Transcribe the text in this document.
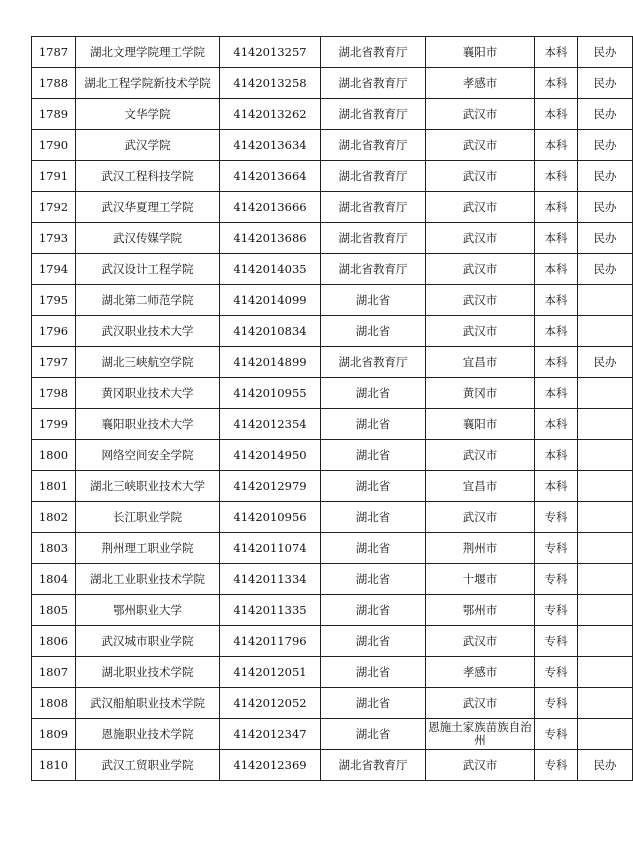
1787	湖北文理学院理工学院	4142013257	湖北省教育厅	襄阳市	本科	民办
1788	湖北工程学院新技术学院	4142013258	湖北省教育厅	孝感市	本科	民办
1789	文华学院	4142013262	湖北省教育厅	武汉市	本科	民办
1790	武汉学院	4142013634	湖北省教育厅	武汉市	本科	民办
1791	武汉工程科技学院	4142013664	湖北省教育厅	武汉市	本科	民办
1792	武汉华夏理工学院	4142013666	湖北省教育厅	武汉市	本科	民办
1793	武汉传媒学院	4142013686	湖北省教育厅	武汉市	本科	民办
1794	武汉设计工程学院	4142014035	湖北省教育厅	武汉市	本科	民办
1795	湖北第二师范学院	4142014099	湖北省	武汉市	本科	
1796	武汉职业技术大学	4142010834	湖北省	武汉市	本科	
1797	湖北三峡航空学院	4142014899	湖北省教育厅	宜昌市	本科	民办
1798	黄冈职业技术大学	4142010955	湖北省	黄冈市	本科	
1799	襄阳职业技术大学	4142012354	湖北省	襄阳市	本科	
1800	网络空间安全学院	4142014950	湖北省	武汉市	本科	
1801	湖北三峡职业技术大学	4142012979	湖北省	宜昌市	本科	
1802	长江职业学院	4142010956	湖北省	武汉市	专科	
1803	荆州理工职业学院	4142011074	湖北省	荆州市	专科	
1804	湖北工业职业技术学院	4142011334	湖北省	十堰市	专科	
1805	鄂州职业大学	4142011335	湖北省	鄂州市	专科	
1806	武汉城市职业学院	4142011796	湖北省	武汉市	专科	
1807	湖北职业技术学院	4142012051	湖北省	孝感市	专科	
1808	武汉船舶职业技术学院	4142012052	湖北省	武汉市	专科	
1809	恩施职业技术学院	4142012347	湖北省	恩施土家族苗族自治州	专科	
1810	武汉工贸职业学院	4142012369	湖北省教育厅	武汉市	专科	民办
